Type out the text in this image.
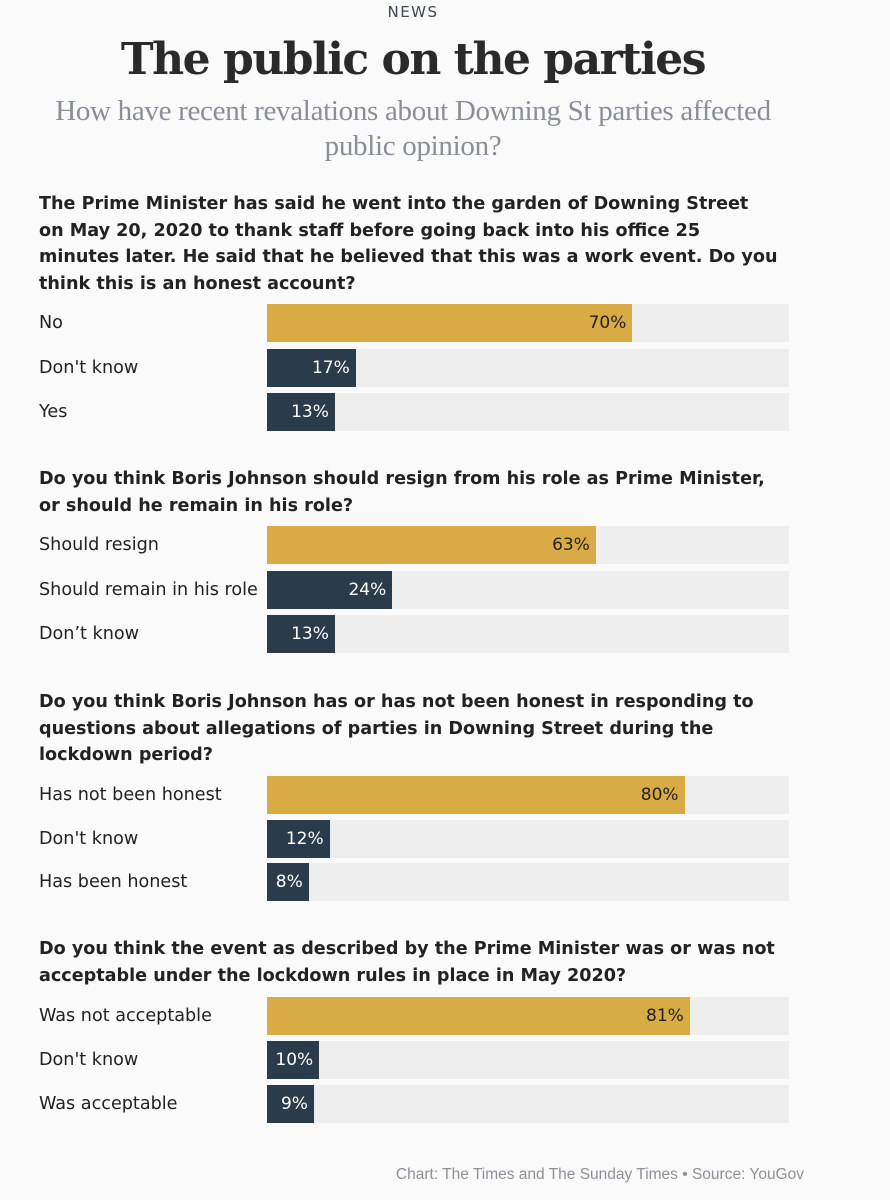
NEWS
The public on the parties
How have recent revalations about Downing St parties affected public opinion?
The Prime Minister has said he went into the garden of Downing Street on May 20, 2020 to thank staff before going back into his office 25 minutes later. He said that he believed that this was a work event. Do you think this is an honest account?
No	70%
Don't know	17%
Yes	13%
Do you think Boris Johnson should resign from his role as Prime Minister, or should he remain in his role?
Should resign	63%
Should remain in his role	24%
Don’t know	13%
Do you think Boris Johnson has or has not been honest in responding to questions about allegations of parties in Downing Street during the lockdown period?
Has not been honest	80%
Don't know	12%
Has been honest	8%
Do you think the event as described by the Prime Minister was or was not acceptable under the lockdown rules in place in May 2020?
Was not acceptable	81%
Don't know	10%
Was acceptable	9%
Chart: The Times and The Sunday Times • Source: YouGov
